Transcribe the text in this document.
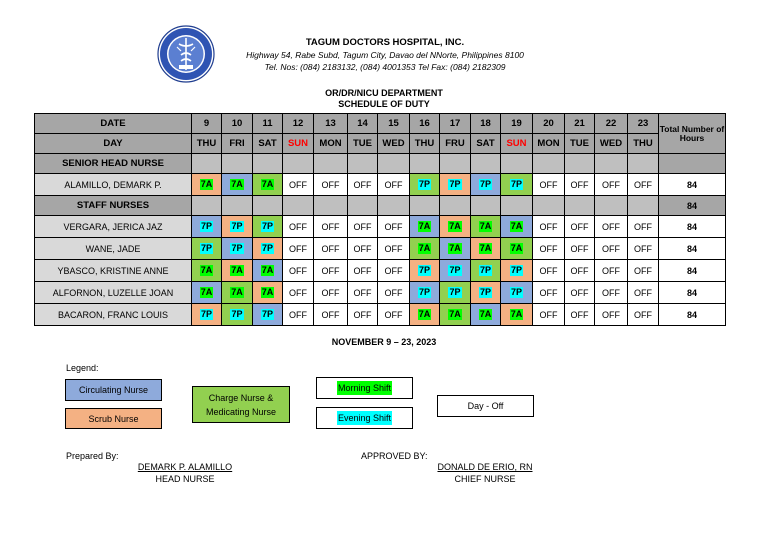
TAGUM DOCTORS HOSPITAL, INC.
Highway 54, Rabe Subd, Tagum City, Davao del NNorte, Philippines 8100
Tel. Nos: (084) 2183132, (084) 4001353 Tel Fax: (084) 2182309
OR/DR/NICU DEPARTMENT
SCHEDULE OF DUTY
DATE	9	10	11	12	13	14	15	16	17	18	19	20	21	22	23	Total Number of Hours
DAY	THU	FRI	SAT	SUN	MON	TUE	WED	THU	FRU	SAT	SUN	MON	TUE	WED	THU	
SENIOR HEAD NURSE																
ALAMILLO, DEMARK P.	7A	7A	7A	OFF	OFF	OFF	OFF	7P	7P	7P	7P	OFF	OFF	OFF	OFF	84
STAFF NURSES																84
VERGARA, JERICA JAZ	7P	7P	7P	OFF	OFF	OFF	OFF	7A	7A	7A	7A	OFF	OFF	OFF	OFF	84
WANE, JADE	7P	7P	7P	OFF	OFF	OFF	OFF	7A	7A	7A	7A	OFF	OFF	OFF	OFF	84
YBASCO, KRISTINE ANNE	7A	7A	7A	OFF	OFF	OFF	OFF	7P	7P	7P	7P	OFF	OFF	OFF	OFF	84
ALFORNON, LUZELLE JOAN	7A	7A	7A	OFF	OFF	OFF	OFF	7P	7P	7P	7P	OFF	OFF	OFF	OFF	84
BACARON, FRANC LOUIS	7P	7P	7P	OFF	OFF	OFF	OFF	7A	7A	7A	7A	OFF	OFF	OFF	OFF	84
NOVEMBER 9 – 23, 2023
Legend:
Circulating Nurse
Scrub Nurse
Charge Nurse &
Medicating Nurse
Morning Shift
Evening Shift
Day - Off
Prepared By:
DEMARK P. ALAMILLO
HEAD NURSE
APPROVED BY:
DONALD DE ERIO, RN
CHIEF NURSE
